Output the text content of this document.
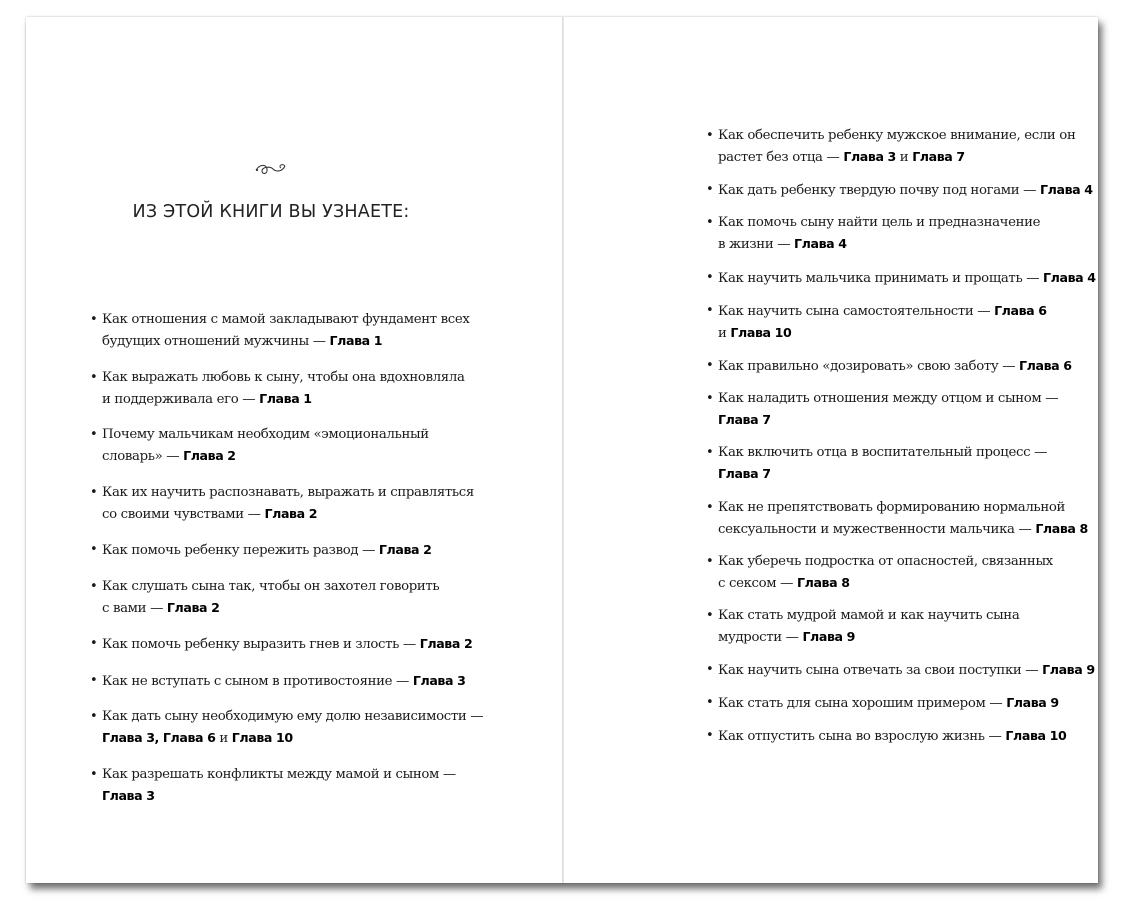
ИЗ ЭТОЙ КНИГИ ВЫ УЗНАЕТЕ:
• Как отношения с мамой закладывают фундамент всех
будущих отношений мужчины — Глава 1
• Как выражать любовь к сыну, чтобы она вдохновляла
и поддерживала его — Глава 1
• Почему мальчикам необходим «эмоциональный
словарь» — Глава 2
• Как их научить распознавать, выражать и справляться
со своими чувствами — Глава 2
• Как помочь ребенку пережить развод — Глава 2
• Как слушать сына так, чтобы он захотел говорить
с вами — Глава 2
• Как помочь ребенку выразить гнев и злость — Глава 2
• Как не вступать с сыном в противостояние — Глава 3
• Как дать сыну необходимую ему долю независимости —
Глава 3, Глава 6 и Глава 10
• Как разрешать конфликты между мамой и сыном —
Глава 3
• Как обеспечить ребенку мужское внимание, если он
растет без отца — Глава 3 и Глава 7
• Как дать ребенку твердую почву под ногами — Глава 4
• Как помочь сыну найти цель и предназначение
в жизни — Глава 4
• Как научить мальчика принимать и прощать — Глава 4
• Как научить сына самостоятельности — Глава 6
и Глава 10
• Как правильно «дозировать» свою заботу — Глава 6
• Как наладить отношения между отцом и сыном —
Глава 7
• Как включить отца в воспитательный процесс —
Глава 7
• Как не препятствовать формированию нормальной
сексуальности и мужественности мальчика — Глава 8
• Как уберечь подростка от опасностей, связанных
с сексом — Глава 8
• Как стать мудрой мамой и как научить сына
мудрости — Глава 9
• Как научить сына отвечать за свои поступки — Глава 9
• Как стать для сына хорошим примером — Глава 9
• Как отпустить сына во взрослую жизнь — Глава 10
